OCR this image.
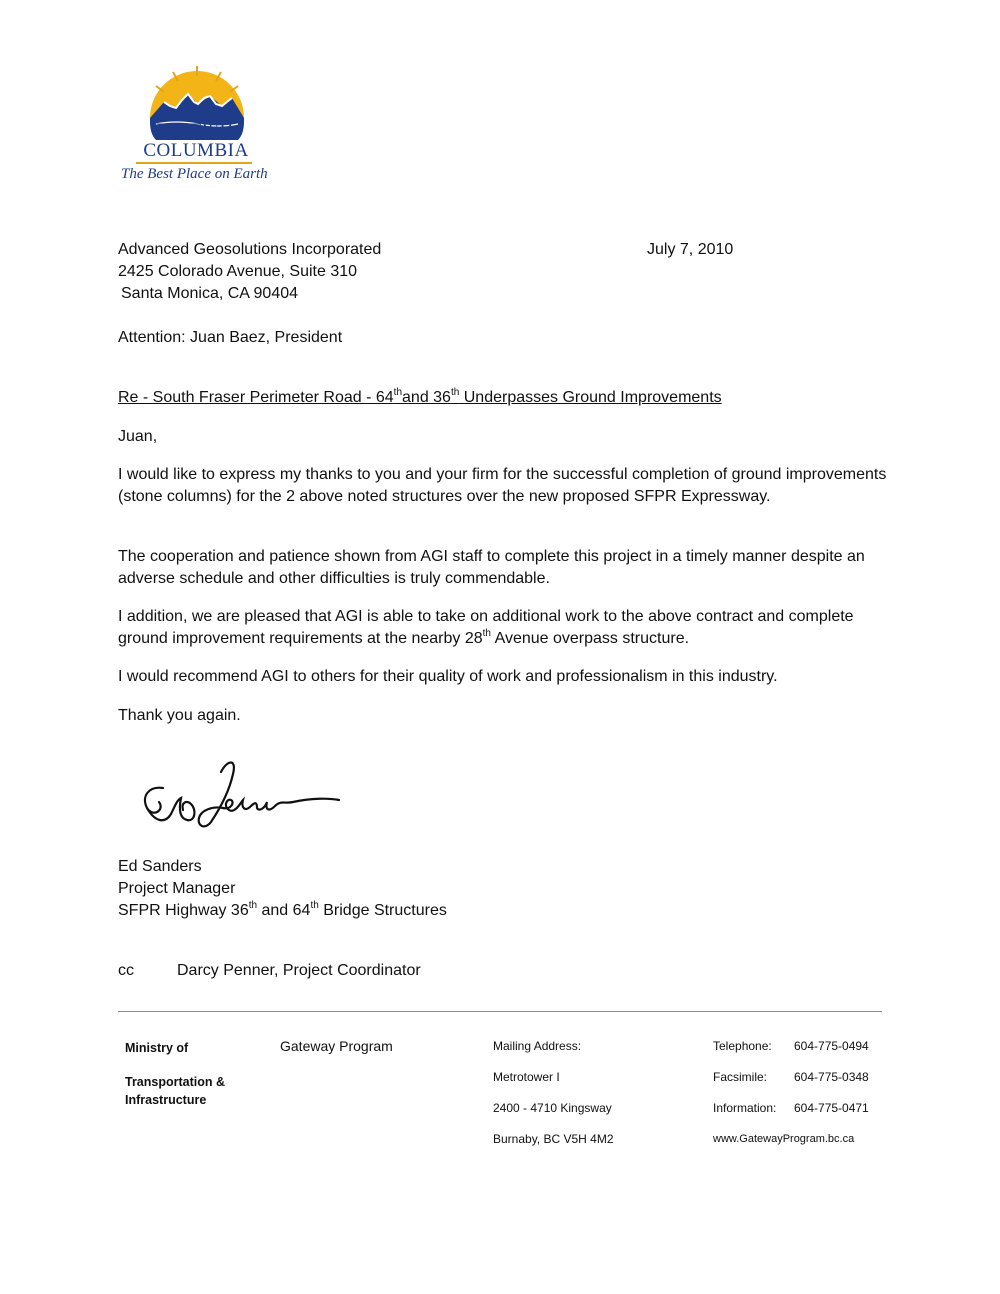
BRITISH
COLUMBIA
The Best Place on Earth
Advanced Geosolutions Incorporated	July 7, 2010
2425 Colorado Avenue, Suite 310
Santa Monica, CA 90404
Attention: Juan Baez, President
Re - South Fraser Perimeter Road - 64thand 36th Underpasses Ground Improvements
Juan,
I would like to express my thanks to you and your firm for the successful completion of ground improvements (stone columns) for the 2 above noted structures over the new proposed SFPR Expressway.
The cooperation and patience shown from AGI staff to complete this project in a timely manner despite an adverse schedule and other difficulties is truly commendable.
I addition, we are pleased that AGI is able to take on additional work to the above contract and complete ground improvement requirements at the nearby 28th Avenue overpass structure.
I would recommend AGI to others for their quality of work and professionalism in this industry.
Thank you again.
Ed Sanders
Project Manager
SFPR Highway 36th and 64th Bridge Structures
cc	Darcy Penner, Project Coordinator
Ministry of
Transportation &
Infrastructure
Gateway Program	Mailing Address:
Metrotower I
2400 - 4710 Kingsway
Burnaby, BC V5H 4M2
Telephone: 604-775-0494
Facsimile: 604-775-0348
Information: 604-775-0471
www.GatewayProgram.bc.ca
